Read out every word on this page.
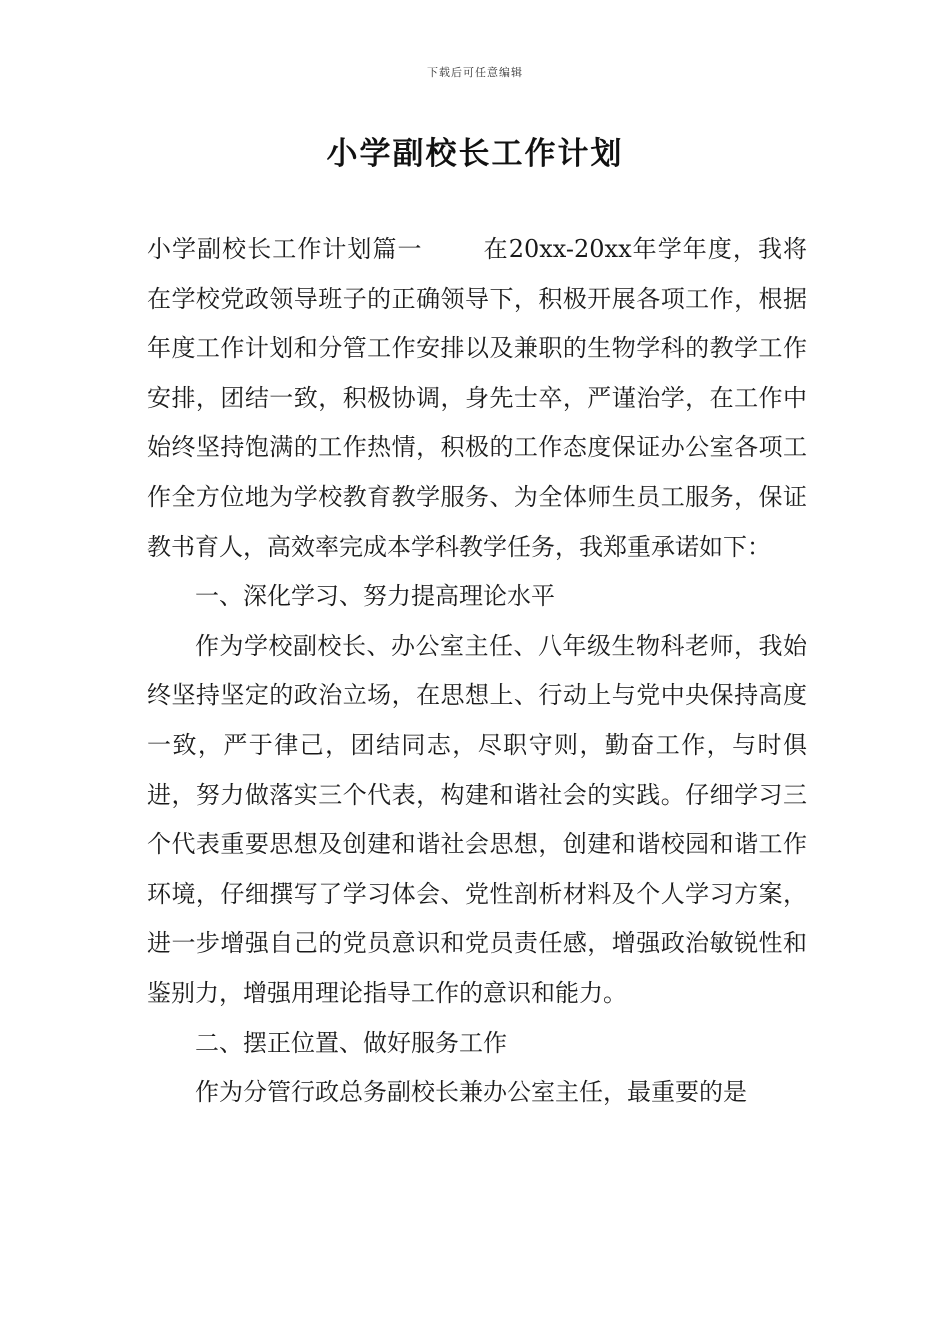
下载后可任意编辑
小学副校长工作计划

小学副校长工作计划篇一	在20xx-20xx年学年度，我将在学校党政领导班子的正确领导下，积极开展各项工作，根据年度工作计划和分管工作安排以及兼职的生物学科的教学工作安排，团结一致，积极协调，身先士卒，严谨治学，在工作中始终坚持饱满的工作热情，积极的工作态度保证办公室各项工作全方位地为学校教育教学服务、为全体师生员工服务，保证教书育人，高效率完成本学科教学任务，我郑重承诺如下：

一、深化学习、努力提高理论水平

作为学校副校长、办公室主任、八年级生物科老师，我始终坚持坚定的政治立场，在思想上、行动上与党中央保持高度一致，严于律己，团结同志，尽职守则，勤奋工作，与时俱进，努力做落实三个代表，构建和谐社会的实践。仔细学习三个代表重要思想及创建和谐社会思想，创建和谐校园和谐工作环境，仔细撰写了学习体会、党性剖析材料及个人学习方案，进一步增强自己的党员意识和党员责任感，增强政治敏锐性和鉴别力，增强用理论指导工作的意识和能力。

二、摆正位置、做好服务工作

作为分管行政总务副校长兼办公室主任，最重要的是
